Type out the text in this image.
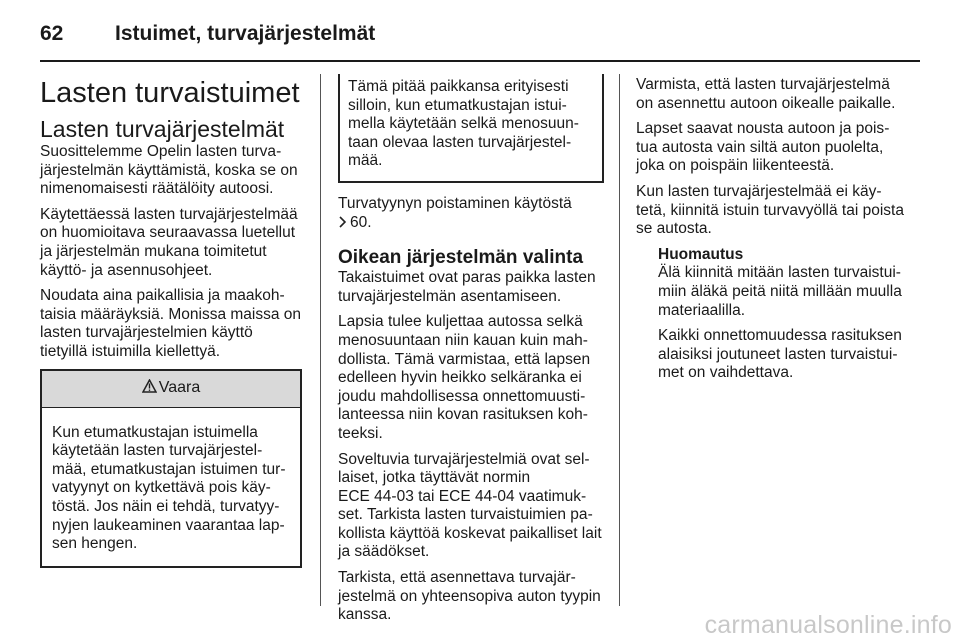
62 Istuimet, turvajärjestelmät
Lasten turvaistuimet
Lasten turvajärjestelmät

Suosittelemme Opelin lasten turvajärjestelmän käyttämistä, koska se on nimenomaisesti räätälöity autoosi.

Käytettäessä lasten turvajärjestelmää on huomioitava seuraavassa luetellut ja järjestelmän mukana toimitetut käyttö- ja asennusohjeet.

Noudata aina paikallisia ja maakohtaisia määräyksiä. Monissa maissa on lasten turvajärjestelmien käyttö tietyillä istuimilla kiellettyä.

Vaara
Kun etumatkustajan istuimella käytetään lasten turvajärjestelmää, etumatkustajan istuimen turvatyynyt on kytkettävä pois käytöstä. Jos näin ei tehdä, turvatyynyjen laukeaminen vaarantaa lapsen hengen.
Tämä pitää paikkansa erityisesti silloin, kun etumatkustajan istuimella käytetään selkä menosuuntaan olevaa lasten turvajärjestelmää.

Turvatyynyn poistaminen käytöstä
60.

Oikean järjestelmän valinta

Takaistuimet ovat paras paikka lasten turvajärjestelmän asentamiseen.

Lapsia tulee kuljettaa autossa selkä menosuuntaan niin kauan kuin mahdollista. Tämä varmistaa, että lapsen edelleen hyvin heikko selkäranka ei joudu mahdollisessa onnettomuustilanteessa niin kovan rasituksen kohteeksi.

Soveltuvia turvajärjestelmiä ovat sellaiset, jotka täyttävät normin
ECE 44-03 tai ECE 44-04 vaatimukset. Tarkista lasten turvaistuimien pakollista käyttöä koskevat paikalliset lait ja säädökset.

Tarkista, että asennettava turvajärjestelmä on yhteensopiva auton tyypin kanssa.

Varmista, että lasten turvajärjestelmä on asennettu autoon oikealle paikalle.

Lapset saavat nousta autoon ja poistua autosta vain siltä auton puolelta, joka on poispäin liikenteestä.

Kun lasten turvajärjestelmää ei käytetä, kiinnitä istuin turvavyöllä tai poista se autosta.

Huomautus

Älä kiinnitä mitään lasten turvaistuimiin äläkä peitä niitä millään muulla materiaalilla.

Kaikki onnettomuudessa rasituksen alaisiksi joutuneet lasten turvaistuimet on vaihdettava.

carmanualsonline.info
